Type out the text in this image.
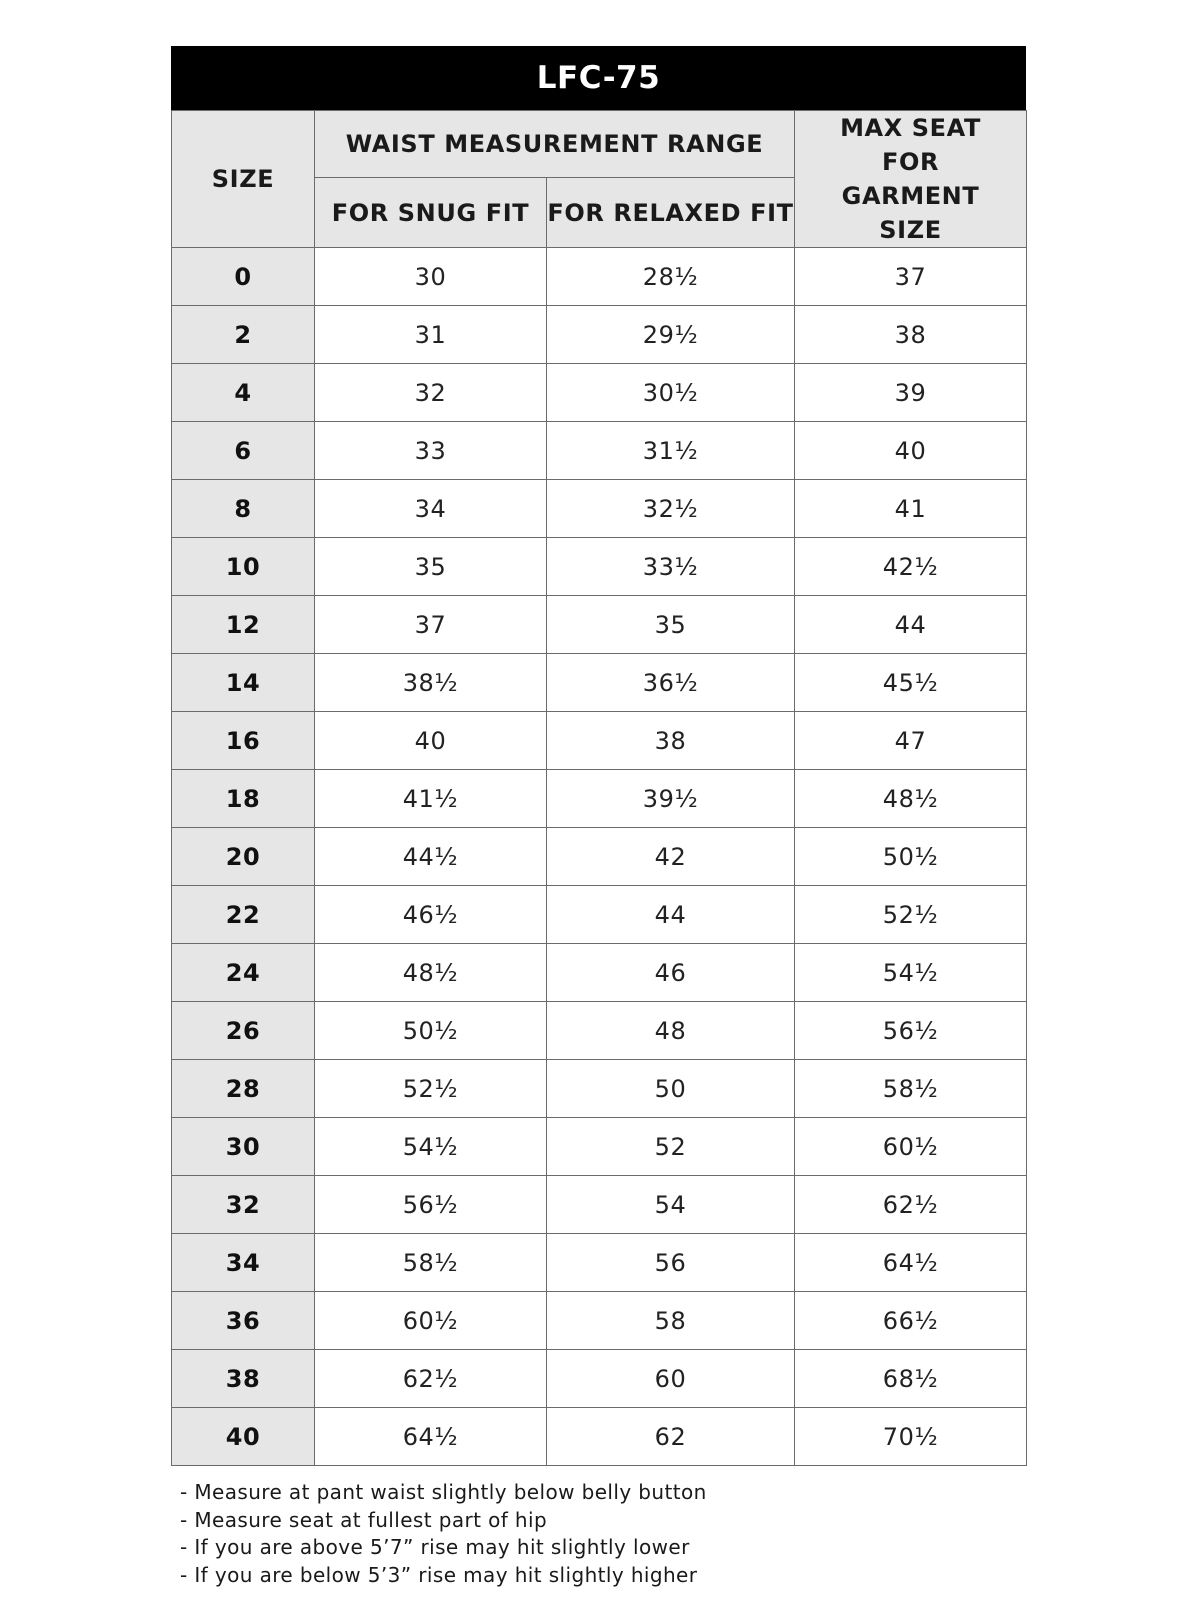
LFC-75
SIZE	WAIST MEASUREMENT RANGE		MAX SEAT FOR GARMENT SIZE
	FOR SNUG FIT	FOR RELAXED FIT	
0	30	28½	37
2	31	29½	38
4	32	30½	39
6	33	31½	40
8	34	32½	41
10	35	33½	42½
12	37	35	44
14	38½	36½	45½
16	40	38	47
18	41½	39½	48½
20	44½	42	50½
22	46½	44	52½
24	48½	46	54½
26	50½	48	56½
28	52½	50	58½
30	54½	52	60½
32	56½	54	62½
34	58½	56	64½
36	60½	58	66½
38	62½	60	68½
40	64½	62	70½
- Measure at pant waist slightly below belly button
- Measure seat at fullest part of hip
- If you are above 5’7” rise may hit slightly lower
- If you are below 5’3” rise may hit slightly higher
